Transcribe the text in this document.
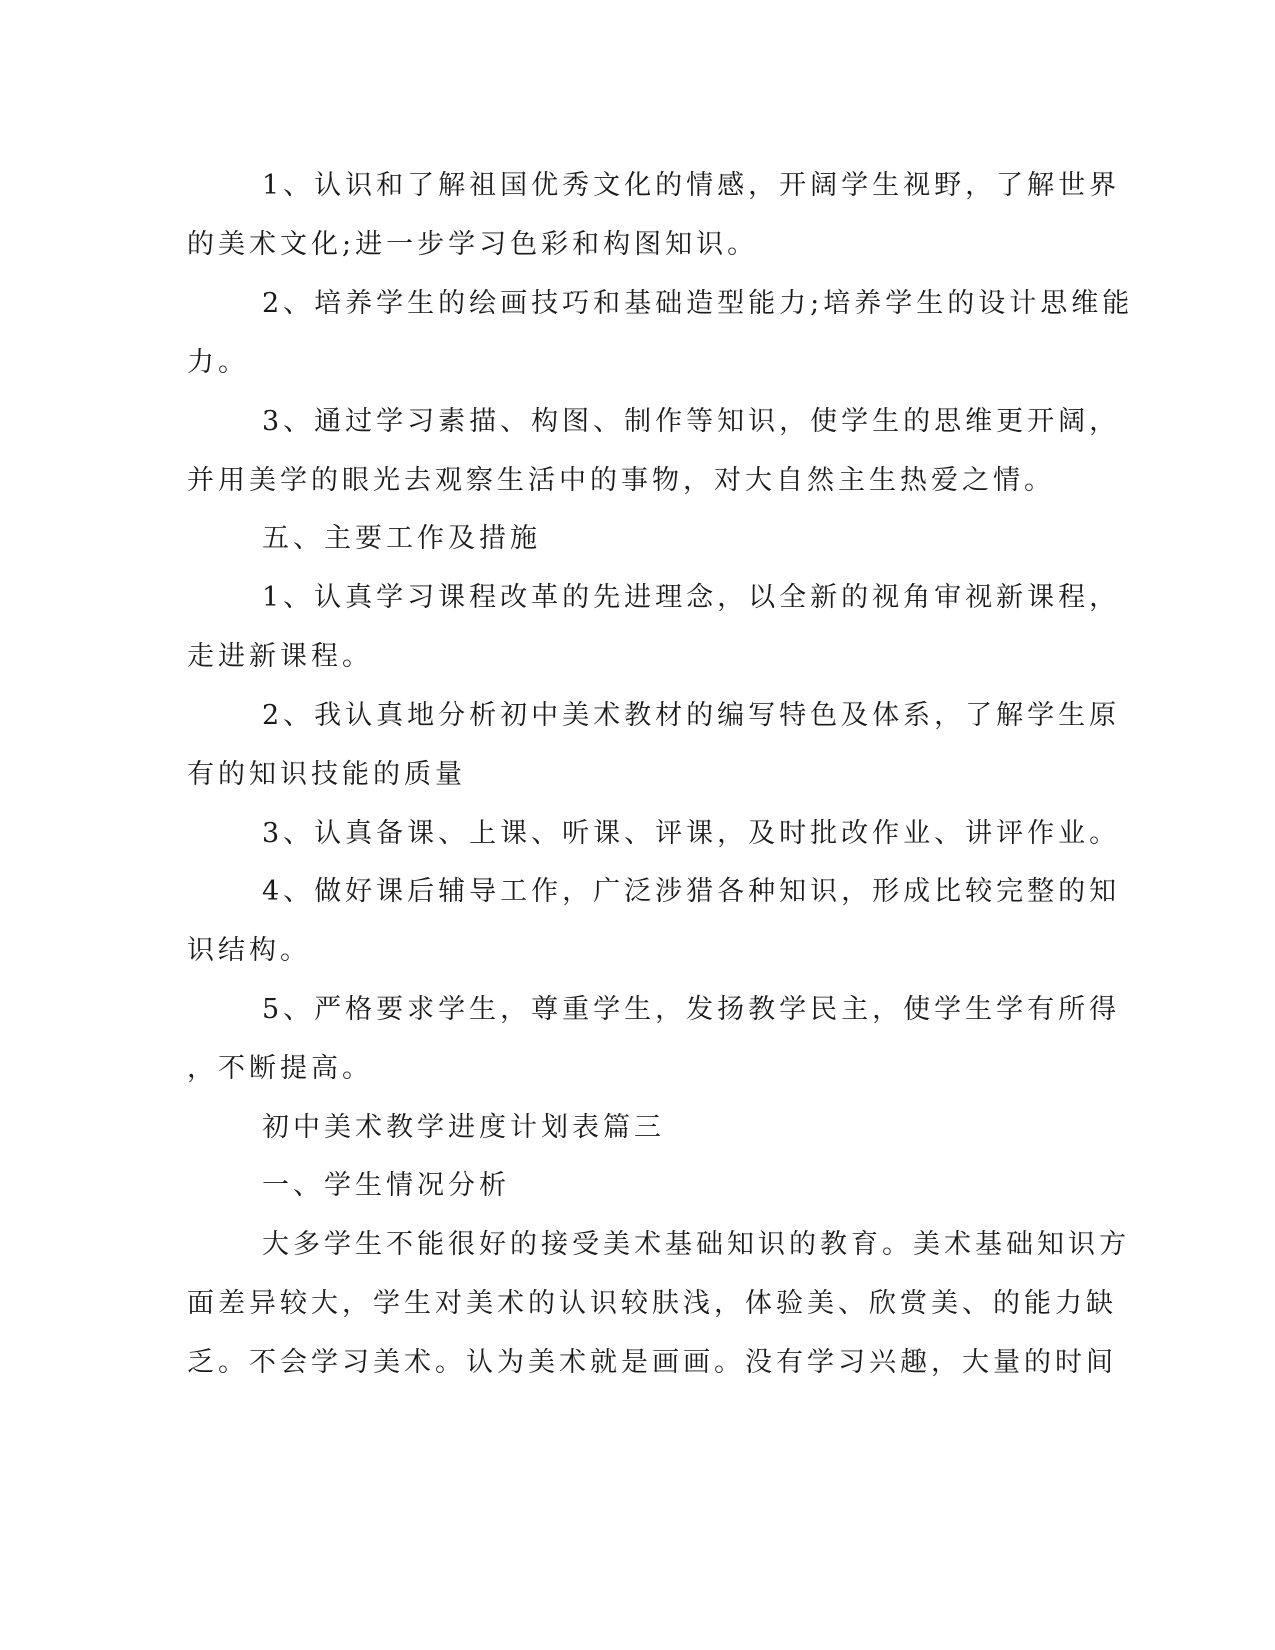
1、认识和了解祖国优秀文化的情感，开阔学生视野，了解世界
的美术文化;进一步学习色彩和构图知识。
2、培养学生的绘画技巧和基础造型能力;培养学生的设计思维能
力。
3、通过学习素描、构图、制作等知识，使学生的思维更开阔，
并用美学的眼光去观察生活中的事物，对大自然主生热爱之情。
五、主要工作及措施
1、认真学习课程改革的先进理念，以全新的视角审视新课程，
走进新课程。
2、我认真地分析初中美术教材的编写特色及体系，了解学生原
有的知识技能的质量
3、认真备课、上课、听课、评课，及时批改作业、讲评作业。
4、做好课后辅导工作，广泛涉猎各种知识，形成比较完整的知
识结构。
5、严格要求学生，尊重学生，发扬教学民主，使学生学有所得
，不断提高。
初中美术教学进度计划表篇三
一、学生情况分析
大多学生不能很好的接受美术基础知识的教育。美术基础知识方
面差异较大，学生对美术的认识较肤浅，体验美、欣赏美、的能力缺
乏。不会学习美术。认为美术就是画画。没有学习兴趣，大量的时间
